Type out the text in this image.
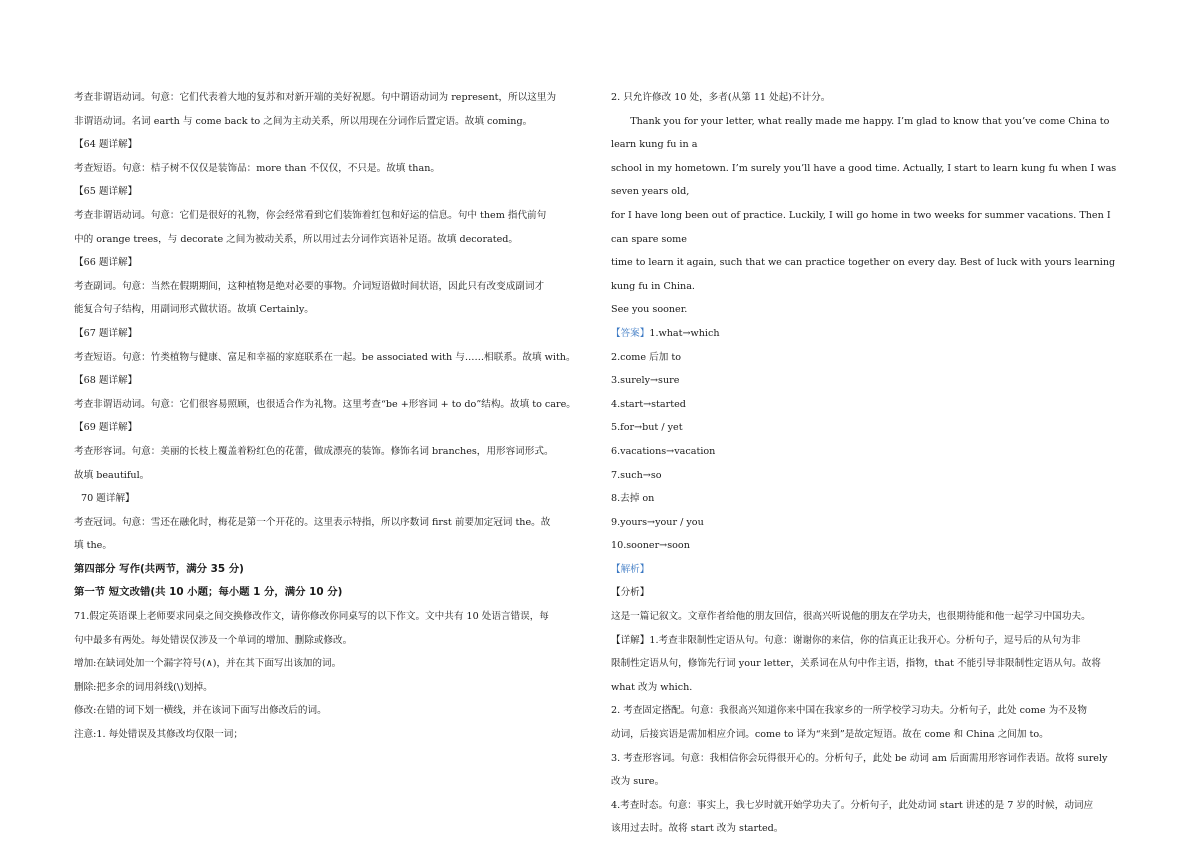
考查非谓语动词。句意：它们代表着大地的复苏和对新开端的美好祝愿。句中谓语动词为 represent，所以这里为

非谓语动词。名词 earth 与 come back to 之间为主动关系，所以用现在分词作后置定语。故填 coming。

【64 题详解】

考查短语。句意：桔子树不仅仅是装饰品：more than 不仅仅，不只是。故填 than。

【65 题详解】

考查非谓语动词。句意：它们是很好的礼物，你会经常看到它们装饰着红包和好运的信息。句中 them 指代前句

中的 orange trees，与 decorate 之间为被动关系，所以用过去分词作宾语补足语。故填 decorated。

【66 题详解】

考查副词。句意：当然在假期期间，这种植物是绝对必要的事物。介词短语做时间状语，因此只有改变成副词才

能复合句子结构，用副词形式做状语。故填 Certainly。

【67 题详解】

考查短语。句意：竹类植物与健康、富足和幸福的家庭联系在一起。be associated with 与……相联系。故填 with。

【68 题详解】

考查非谓语动词。句意：它们很容易照顾，也很适合作为礼物。这里考查“be +形容词 + to do”结构。故填 to care。

【69 题详解】

考查形容词。句意：美丽的长枝上覆盖着粉红色的花蕾，做成漂亮的装饰。修饰名词 branches，用形容词形式。

故填 beautiful。

70 题详解】

考查冠词。句意：雪还在融化时，梅花是第一个开花的。这里表示特指，所以序数词 first 前要加定冠词 the。故

填 the。

第四部分 写作(共两节，满分 35 分)

第一节 短文改错(共 10 小题；每小题 1 分，满分 10 分)

71.假定英语课上老师要求同桌之间交换修改作文，请你修改你同桌写的以下作文。文中共有 10 处语言错误，每

句中最多有两处。每处错误仅涉及一个单词的增加、删除或修改。

增加:在缺词处加一个漏字符号(∧)，并在其下面写出该加的词。

删除:把多余的词用斜线(\)划掉。

修改:在错的词下划一横线，并在该词下面写出修改后的词。

注意:1. 每处错误及其修改均仅限一词；

2. 只允许修改 10 处，多者(从第 11 处起)不计分。

Thank you for your letter, what really made me happy. I’m glad to know that you’ve come China to learn kung fu in a

school in my hometown. I’m surely you’ll have a good time. Actually, I start to learn kung fu when I was seven years old,

for I have long been out of practice. Luckily, I will go home in two weeks for summer vacations. Then I can spare some

time to learn it again, such that we can practice together on every day. Best of luck with yours learning kung fu in China.

See you sooner.

【答案】1.what→which

2.come 后加 to

3.surely→sure

4.start→started

5.for→but / yet

6.vacations→vacation

7.such→so

8.去掉 on

9.yours→your / you

10.sooner→soon

【解析】

【分析】

这是一篇记叙文。文章作者给他的朋友回信，很高兴听说他的朋友在学功夫，也很期待能和他一起学习中国功夫。

【详解】1.考查非限制性定语从句。句意：谢谢你的来信，你的信真正让我开心。分析句子，逗号后的从句为非

限制性定语从句，修饰先行词 your letter，关系词在从句中作主语，指物，that 不能引导非限制性定语从句。故将

what 改为 which.

2. 考查固定搭配。句意：我很高兴知道你来中国在我家乡的一所学校学习功夫。分析句子，此处 come 为不及物

动词，后接宾语是需加相应介词。come to 译为“来到”是故定短语。故在 come 和 China 之间加 to。

3. 考查形容词。句意：我相信你会玩得很开心的。分析句子，此处 be 动词 am 后面需用形容词作表语。故将 surely

改为 sure。

4.考查时态。句意：事实上，我七岁时就开始学功夫了。分析句子，此处动词 start 讲述的是 7 岁的时候，动词应

该用过去时。故将 start 改为 started。
